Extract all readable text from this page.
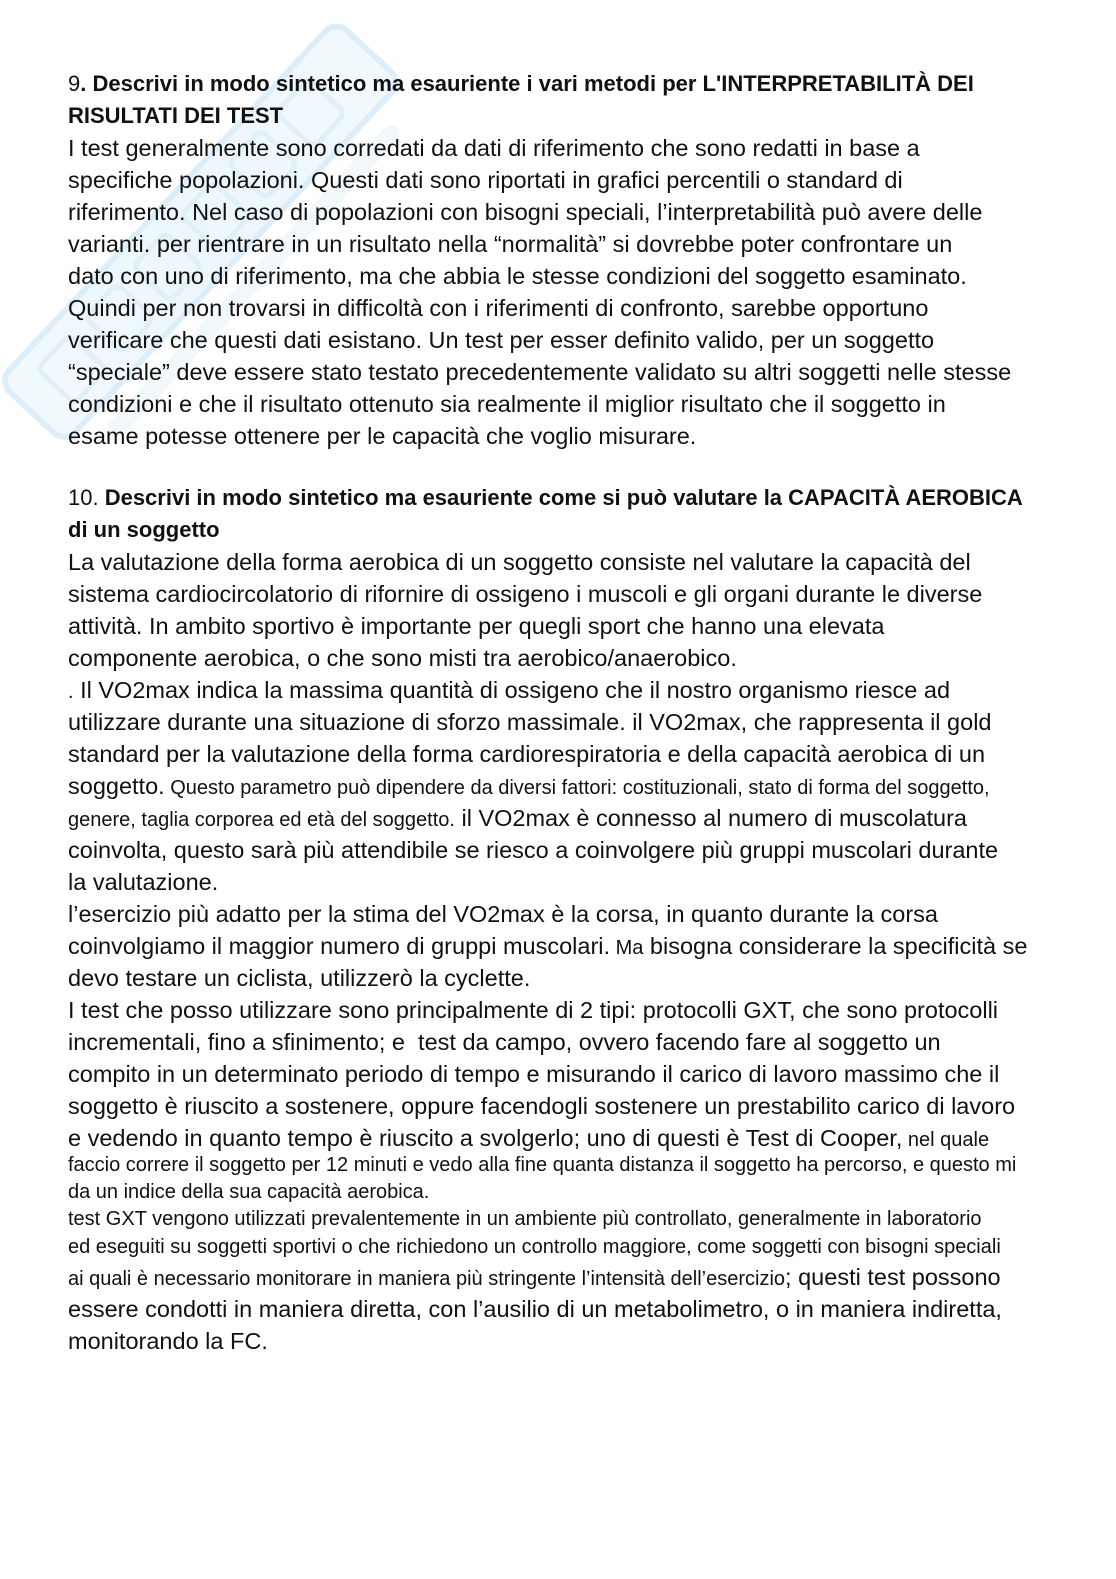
9. Descrivi in modo sintetico ma esauriente i vari metodi per L'INTERPRETABILITÀ DEI
RISULTATI DEI TEST
I test generalmente sono corredati da dati di riferimento che sono redatti in base a
specifiche popolazioni. Questi dati sono riportati in grafici percentili o standard di
riferimento. Nel caso di popolazioni con bisogni speciali, l’interpretabilità può avere delle
varianti. per rientrare in un risultato nella “normalità” si dovrebbe poter confrontare un
dato con uno di riferimento, ma che abbia le stesse condizioni del soggetto esaminato.
Quindi per non trovarsi in difficoltà con i riferimenti di confronto, sarebbe opportuno
verificare che questi dati esistano. Un test per esser definito valido, per un soggetto
“speciale” deve essere stato testato precedentemente validato su altri soggetti nelle stesse
condizioni e che il risultato ottenuto sia realmente il miglior risultato che il soggetto in
esame potesse ottenere per le capacità che voglio misurare.
10. Descrivi in modo sintetico ma esauriente come si può valutare la CAPACITÀ AEROBICA
di un soggetto
La valutazione della forma aerobica di un soggetto consiste nel valutare la capacità del
sistema cardiocircolatorio di rifornire di ossigeno i muscoli e gli organi durante le diverse
attività. In ambito sportivo è importante per quegli sport che hanno una elevata
componente aerobica, o che sono misti tra aerobico/anaerobico.
. Il VO2max indica la massima quantità di ossigeno che il nostro organismo riesce ad
utilizzare durante una situazione di sforzo massimale. il VO2max, che rappresenta il gold
standard per la valutazione della forma cardiorespiratoria e della capacità aerobica di un
soggetto. Questo parametro può dipendere da diversi fattori: costituzionali, stato di forma del soggetto,
genere, taglia corporea ed età del soggetto. il VO2max è connesso al numero di muscolatura
coinvolta, questo sarà più attendibile se riesco a coinvolgere più gruppi muscolari durante
la valutazione.
l’esercizio più adatto per la stima del VO2max è la corsa, in quanto durante la corsa
coinvolgiamo il maggior numero di gruppi muscolari. Ma bisogna considerare la specificità se
devo testare un ciclista, utilizzerò la cyclette.
I test che posso utilizzare sono principalmente di 2 tipi: protocolli GXT, che sono protocolli
incrementali, fino a sfinimento; e  test da campo, ovvero facendo fare al soggetto un
compito in un determinato periodo di tempo e misurando il carico di lavoro massimo che il
soggetto è riuscito a sostenere, oppure facendogli sostenere un prestabilito carico di lavoro
e vedendo in quanto tempo è riuscito a svolgerlo; uno di questi è Test di Cooper, nel quale
faccio correre il soggetto per 12 minuti e vedo alla fine quanta distanza il soggetto ha percorso, e questo mi
da un indice della sua capacità aerobica.
test GXT vengono utilizzati prevalentemente in un ambiente più controllato, generalmente in laboratorio
ed eseguiti su soggetti sportivi o che richiedono un controllo maggiore, come soggetti con bisogni speciali
ai quali è necessario monitorare in maniera più stringente l’intensità dell’esercizio; questi test possono
essere condotti in maniera diretta, con l’ausilio di un metabolimetro, o in maniera indiretta,
monitorando la FC.
